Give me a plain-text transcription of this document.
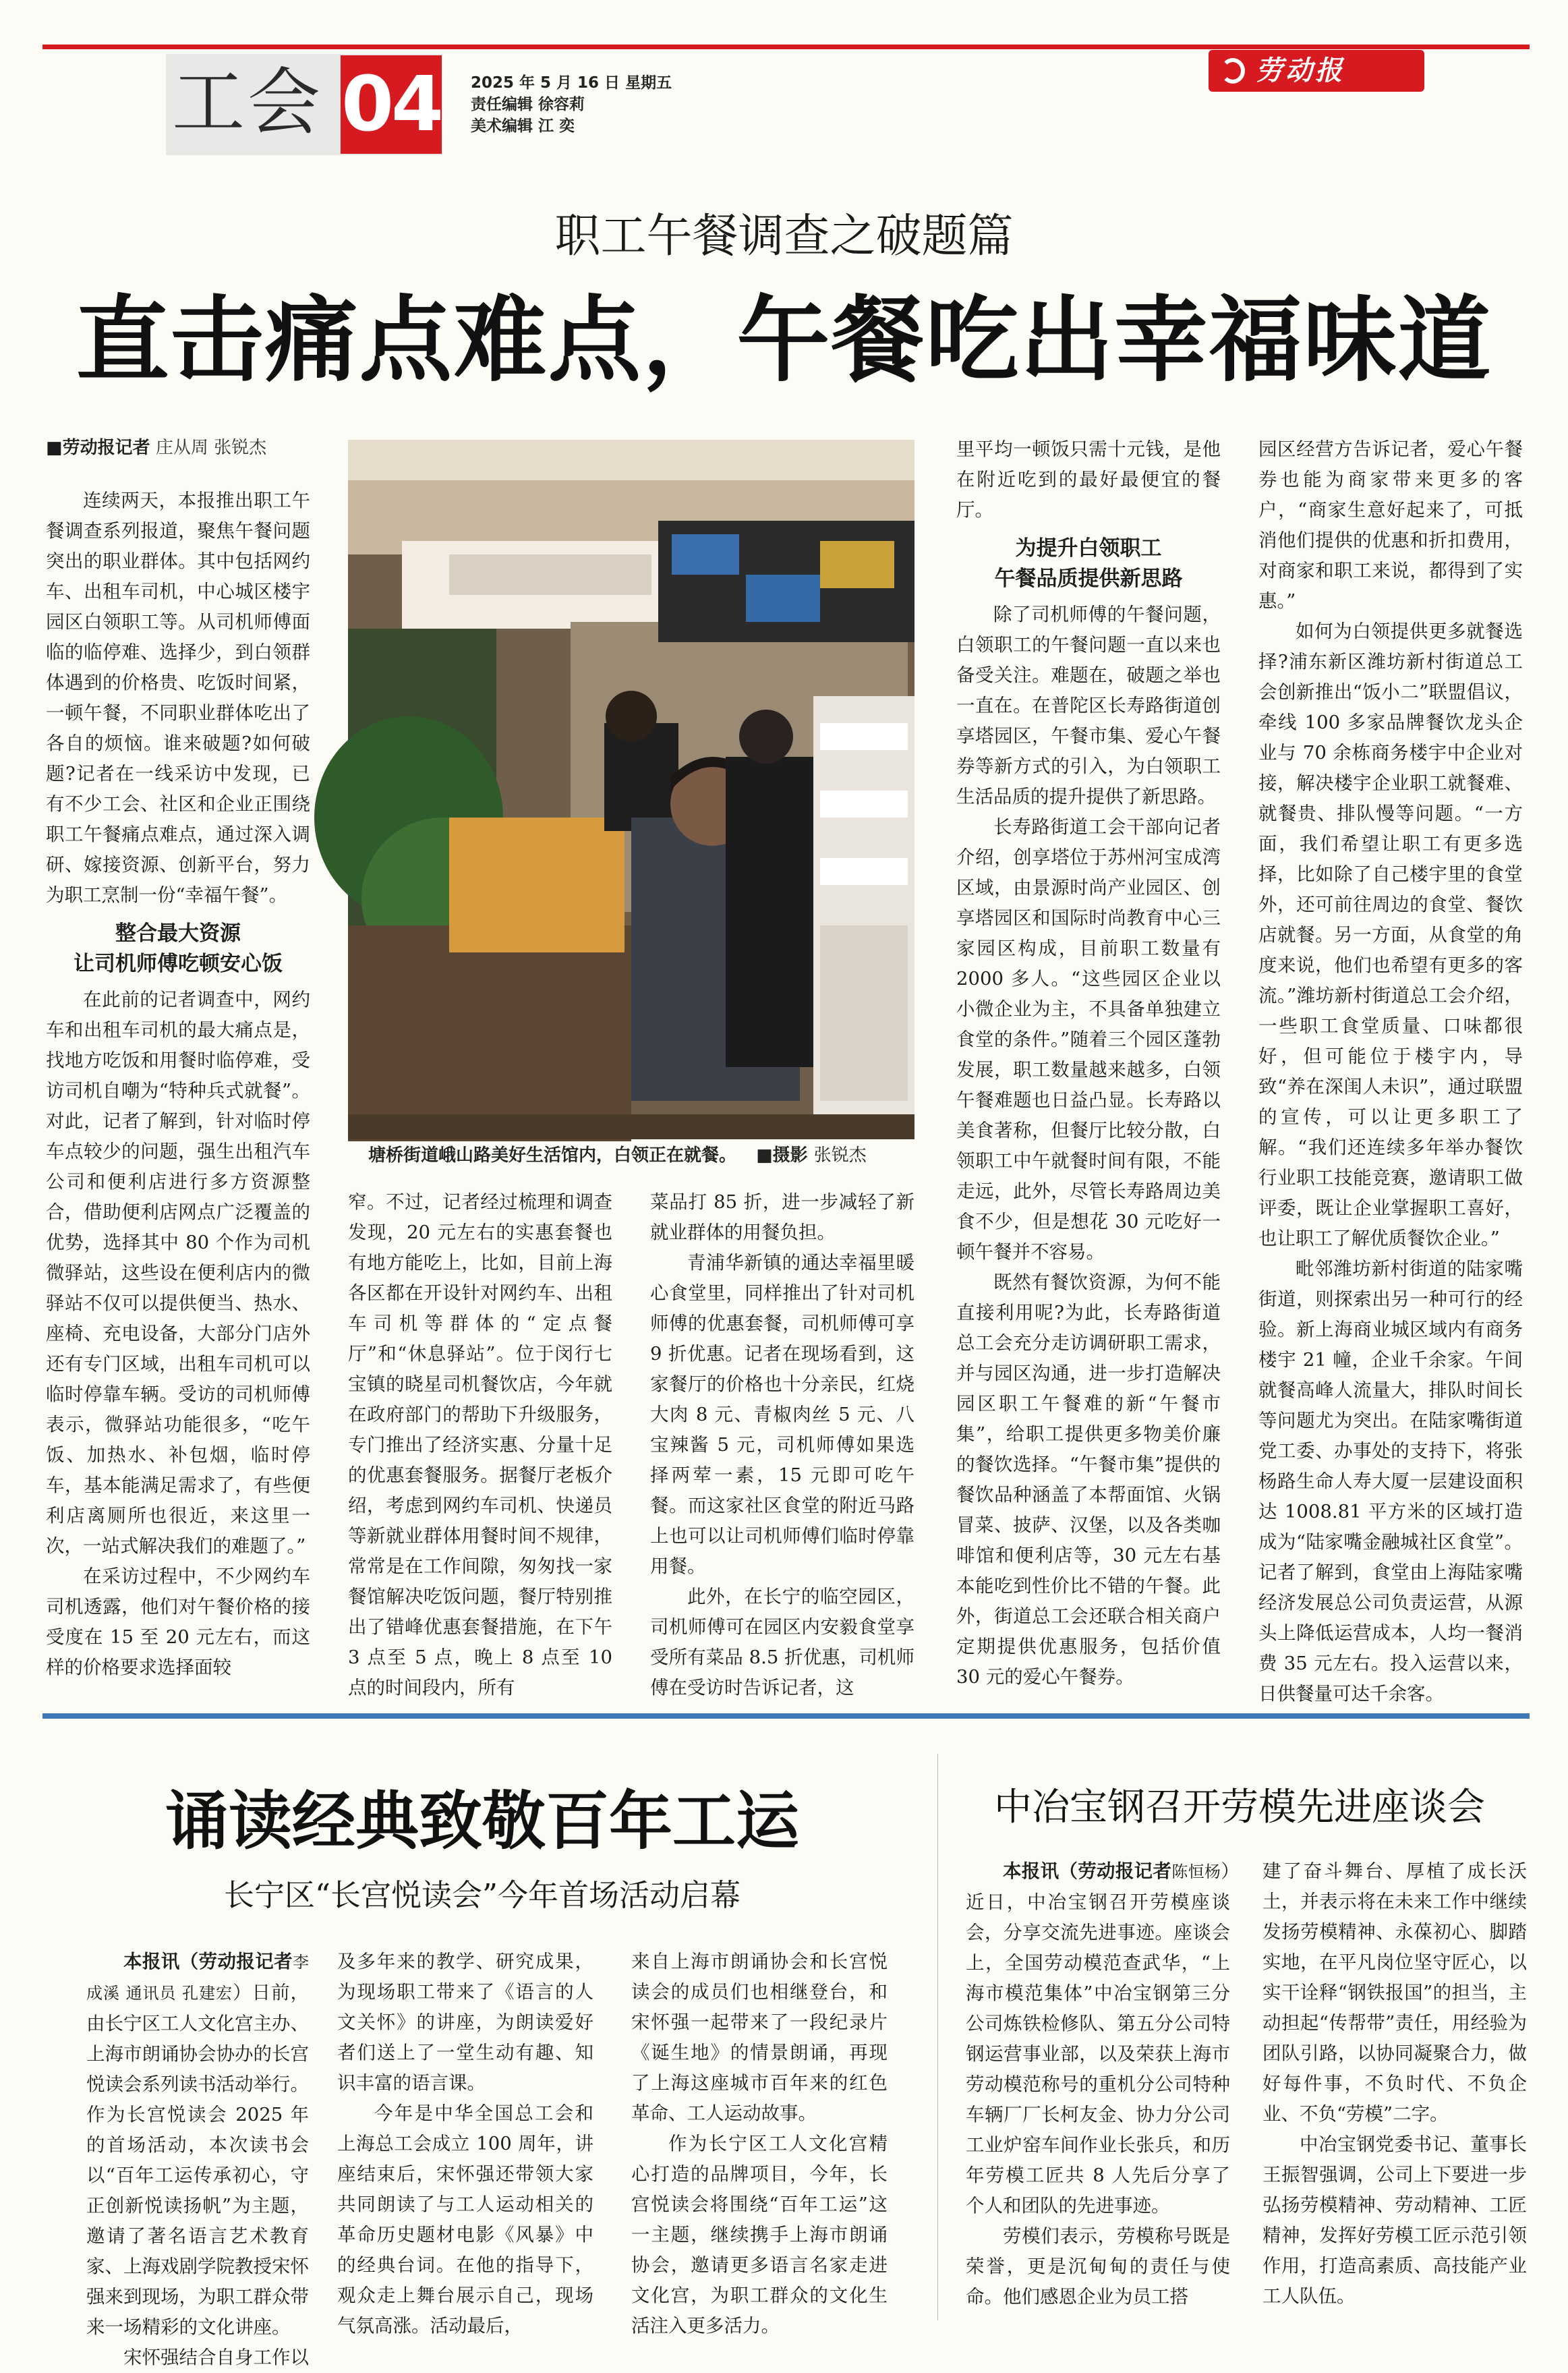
工会 04 2025 年 5 月 16 日 星期五
责任编辑 徐容莉
美术编辑 江 奕
劳动报
职工午餐调查之破题篇
直击痛点难点，午餐吃出幸福味道
■劳动报记者 庄从周 张锐杰
塘桥街道峨山路美好生活馆内，白领正在就餐。 ■摄影 张锐杰

连续两天，本报推出职工午餐调查系列报道，聚焦午餐问题突出的职业群体。其中包括网约车、出租车司机，中心城区楼宇园区白领职工等。从司机师傅面临的临停难、选择少，到白领群体遇到的价格贵、吃饭时间紧，一顿午餐，不同职业群体吃出了各自的烦恼。谁来破题?如何破题?记者在一线采访中发现，已有不少工会、社区和企业正围绕职工午餐痛点难点，通过深入调研、嫁接资源、创新平台，努力为职工烹制一份“幸福午餐”。

整合最大资源
让司机师傅吃顿安心饭

在此前的记者调查中，网约车和出租车司机的最大痛点是，找地方吃饭和用餐时临停难，受访司机自嘲为“特种兵式就餐”。对此，记者了解到，针对临时停车点较少的问题，强生出租汽车公司和便利店进行多方资源整合，借助便利店网点广泛覆盖的优势，选择其中 80 个作为司机微驿站，这些设在便利店内的微驿站不仅可以提供便当、热水、座椅、充电设备，大部分门店外还有专门区域，出租车司机可以临时停靠车辆。受访的司机师傅表示，微驿站功能很多，“吃午饭、加热水、补包烟，临时停车，基本能满足需求了，有些便利店离厕所也很近，来这里一次，一站式解决我们的难题了。”

在采访过程中，不少网约车司机透露，他们对午餐价格的接受度在 15 至 20 元左右，而这样的价格要求选择面较

窄。不过，记者经过梳理和调查发现，20 元左右的实惠套餐也有地方能吃上，比如，目前上海各区都在开设针对网约车、出租车司机等群体的“定点餐厅”和“休息驿站”。位于闵行七宝镇的晓星司机餐饮店，今年就在政府部门的帮助下升级服务，专门推出了经济实惠、分量十足的优惠套餐服务。据餐厅老板介绍，考虑到网约车司机、快递员等新就业群体用餐时间不规律，常常是在工作间隙，匆匆找一家餐馆解决吃饭问题，餐厅特别推出了错峰优惠套餐措施，在下午 3 点至 5 点，晚上 8 点至 10 点的时间段内，所有

菜品打 85 折，进一步减轻了新就业群体的用餐负担。

青浦华新镇的通达幸福里暖心食堂里，同样推出了针对司机师傅的优惠套餐，司机师傅可享 9 折优惠。记者在现场看到，这家餐厅的价格也十分亲民，红烧大肉 8 元、青椒肉丝 5 元、八宝辣酱 5 元，司机师傅如果选择两荤一素，15 元即可吃午餐。而这家社区食堂的附近马路上也可以让司机师傅们临时停靠用餐。

此外，在长宁的临空园区，司机师傅可在园区内安毅食堂享受所有菜品 8.5 折优惠，司机师傅在受访时告诉记者，这

里平均一顿饭只需十元钱，是他在附近吃到的最好最便宜的餐厅。

为提升白领职工
午餐品质提供新思路

除了司机师傅的午餐问题，白领职工的午餐问题一直以来也备受关注。难题在，破题之举也一直在。在普陀区长寿路街道创享塔园区，午餐市集、爱心午餐券等新方式的引入，为白领职工生活品质的提升提供了新思路。

长寿路街道工会干部向记者介绍，创享塔位于苏州河宝成湾区域，由景源时尚产业园区、创享塔园区和国际时尚教育中心三家园区构成，目前职工数量有 2000 多人。“这些园区企业以小微企业为主，不具备单独建立食堂的条件。”随着三个园区蓬勃发展，职工数量越来越多，白领午餐难题也日益凸显。长寿路以美食著称，但餐厅比较分散，白领职工中午就餐时间有限，不能走远，此外，尽管长寿路周边美食不少，但是想花 30 元吃好一顿午餐并不容易。

既然有餐饮资源，为何不能直接利用呢?为此，长寿路街道总工会充分走访调研职工需求，并与园区沟通，进一步打造解决园区职工午餐难的新“午餐市集”，给职工提供更多物美价廉的餐饮选择。“午餐市集”提供的餐饮品种涵盖了本帮面馆、火锅冒菜、披萨、汉堡，以及各类咖啡馆和便利店等，30 元左右基本能吃到性价比不错的午餐。此外，街道总工会还联合相关商户定期提供优惠服务，包括价值 30 元的爱心午餐券。

园区经营方告诉记者，爱心午餐券也能为商家带来更多的客户，“商家生意好起来了，可抵消他们提供的优惠和折扣费用，对商家和职工来说，都得到了实惠。”

如何为白领提供更多就餐选择?浦东新区潍坊新村街道总工会创新推出“饭小二”联盟倡议，牵线 100 多家品牌餐饮龙头企业与 70 余栋商务楼宇中企业对接，解决楼宇企业职工就餐难、就餐贵、排队慢等问题。“一方面，我们希望让职工有更多选择，比如除了自己楼宇里的食堂外，还可前往周边的食堂、餐饮店就餐。另一方面，从食堂的角度来说，他们也希望有更多的客流。”潍坊新村街道总工会介绍，一些职工食堂质量、口味都很好，但可能位于楼宇内，导致“养在深闺人未识”，通过联盟的宣传，可以让更多职工了解。“我们还连续多年举办餐饮行业职工技能竞赛，邀请职工做评委，既让企业掌握职工喜好，也让职工了解优质餐饮企业。”

毗邻潍坊新村街道的陆家嘴街道，则探索出另一种可行的经验。新上海商业城区域内有商务楼宇 21 幢，企业千余家。午间就餐高峰人流量大，排队时间长等问题尤为突出。在陆家嘴街道党工委、办事处的支持下，将张杨路生命人寿大厦一层建设面积达 1008.81 平方米的区域打造成为“陆家嘴金融城社区食堂”。记者了解到，食堂由上海陆家嘴经济发展总公司负责运营，从源头上降低运营成本，人均一餐消费 35 元左右。投入运营以来，日供餐量可达千余客。

诵读经典致敬百年工运
长宁区“长宫悦读会”今年首场活动启幕

本报讯（劳动报记者李成溪 通讯员 孔建宏）日前，由长宁区工人文化宫主办、上海市朗诵协会协办的长宫悦读会系列读书活动举行。作为长宫悦读会 2025 年的首场活动，本次读书会以“百年工运传承初心，守正创新悦读扬帆”为主题，邀请了著名语言艺术教育家、上海戏剧学院教授宋怀强来到现场，为职工群众带来一场精彩的文化讲座。

宋怀强结合自身工作以

及多年来的教学、研究成果，为现场职工带来了《语言的人文关怀》的讲座，为朗读爱好者们送上了一堂生动有趣、知识丰富的语言课。

今年是中华全国总工会和上海总工会成立 100 周年，讲座结束后，宋怀强还带领大家共同朗读了与工人运动相关的革命历史题材电影《风暴》中的经典台词。在他的指导下，观众走上舞台展示自己，现场气氛高涨。活动最后，

来自上海市朗诵协会和长宫悦读会的成员们也相继登台，和宋怀强一起带来了一段纪录片《诞生地》的情景朗诵，再现了上海这座城市百年来的红色革命、工人运动故事。

作为长宁区工人文化宫精心打造的品牌项目，今年，长宫悦读会将围绕“百年工运”这一主题，继续携手上海市朗诵协会，邀请更多语言名家走进文化宫，为职工群众的文化生活注入更多活力。

中冶宝钢召开劳模先进座谈会

本报讯（劳动报记者陈恒杨）近日，中冶宝钢召开劳模座谈会，分享交流先进事迹。座谈会上，全国劳动模范查武华，“上海市模范集体”中冶宝钢第三分公司炼铁检修队、第五分公司特钢运营事业部，以及荣获上海市劳动模范称号的重机分公司特种车辆厂厂长柯友金、协力分公司工业炉窑车间作业长张兵，和历年劳模工匠共 8 人先后分享了个人和团队的先进事迹。

劳模们表示，劳模称号既是荣誉，更是沉甸甸的责任与使命。他们感恩企业为员工搭

建了奋斗舞台、厚植了成长沃土，并表示将在未来工作中继续发扬劳模精神、永葆初心、脚踏实地，在平凡岗位坚守匠心，以实干诠释“钢铁报国”的担当，主动担起“传帮带”责任，用经验为团队引路，以协同凝聚合力，做好每件事，不负时代、不负企业、不负“劳模”二字。

中冶宝钢党委书记、董事长王振智强调，公司上下要进一步弘扬劳模精神、劳动精神、工匠精神，发挥好劳模工匠示范引领作用，打造高素质、高技能产业工人队伍。
